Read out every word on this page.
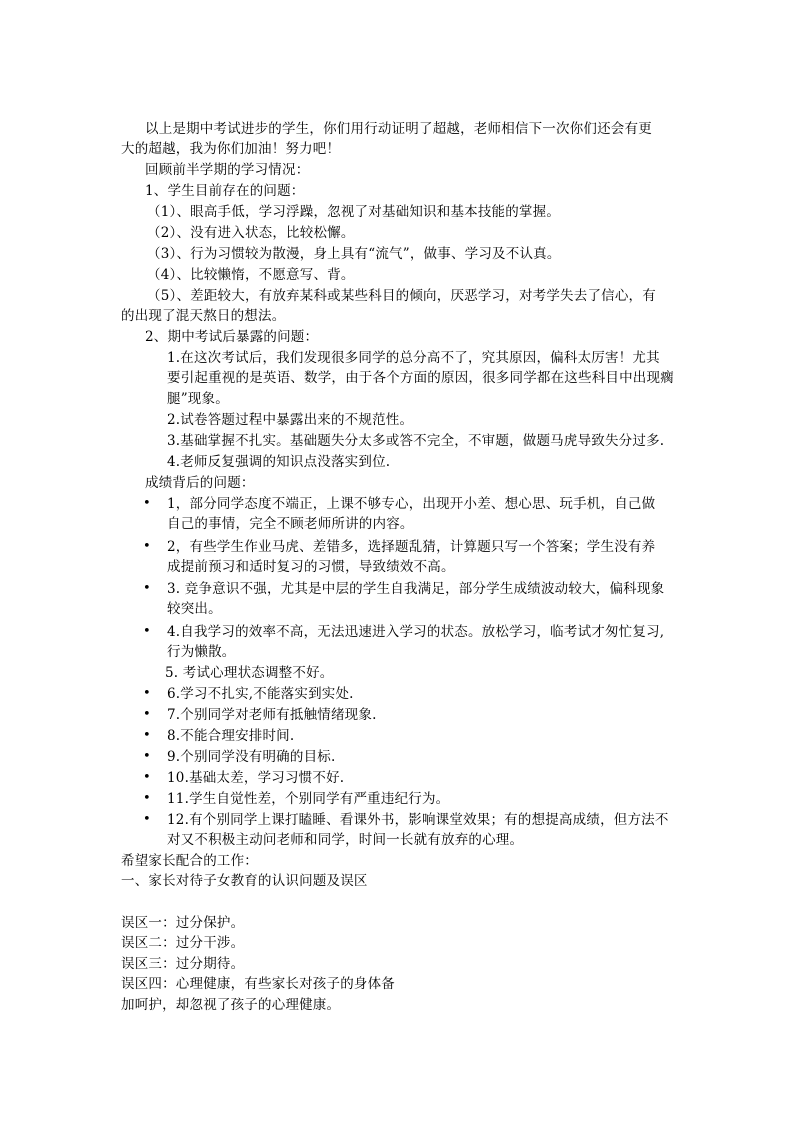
以上是期中考试进步的学生，你们用行动证明了超越，老师相信下一次你们还会有更
大的超越，我为你们加油！努力吧！
回顾前半学期的学习情况：
1、学生目前存在的问题：
（1）、眼高手低，学习浮躁，忽视了对基础知识和基本技能的掌握。
（2）、没有进入状态，比较松懈。
（3）、行为习惯较为散漫，身上具有“流气”，做事、学习及不认真。
（4）、比较懒惰，不愿意写、背。
（5）、差距较大，有放弃某科或某些科目的倾向，厌恶学习，对考学失去了信心，有
的出现了混天熬日的想法。
2、期中考试后暴露的问题：
1.在这次考试后，我们发现很多同学的总分高不了，究其原因，偏科太厉害！尤其
要引起重视的是英语、数学，由于各个方面的原因，很多同学都在这些科目中出现瘸
腿”现象。
2.试卷答题过程中暴露出来的不规范性。
3.基础掌握不扎实。基础题失分太多或答不完全，不审题，做题马虎导致失分过多.
4.老师反复强调的知识点没落实到位.
成绩背后的问题：
• 1，部分同学态度不端正，上课不够专心，出现开小差、想心思、玩手机，自己做
自己的事情，完全不顾老师所讲的内容。
• 2，有些学生作业马虎、差错多，选择题乱猜，计算题只写一个答案；学生没有养
成提前预习和适时复习的习惯，导致绩效不高。
• 3. 竞争意识不强，尤其是中层的学生自我满足，部分学生成绩波动较大，偏科现象
较突出。
• 4.自我学习的效率不高，无法迅速进入学习的状态。放松学习，临考试才匆忙复习,
行为懒散。
5. 考试心理状态调整不好。
• 6.学习不扎实,不能落实到实处.
• 7.个别同学对老师有抵触情绪现象.
• 8.不能合理安排时间.
• 9.个别同学没有明确的目标.
• 10.基础太差，学习习惯不好.
• 11.学生自觉性差，个别同学有严重违纪行为。
• 12.有个别同学上课打瞌睡、看课外书，影响课堂效果；有的想提高成绩，但方法不
对又不积极主动问老师和同学，时间一长就有放弃的心理。
希望家长配合的工作：
一、家长对待子女教育的认识问题及误区
误区一：过分保护。
误区二：过分干涉。
误区三：过分期待。
误区四：心理健康，有些家长对孩子的身体备
加呵护，却忽视了孩子的心理健康。
